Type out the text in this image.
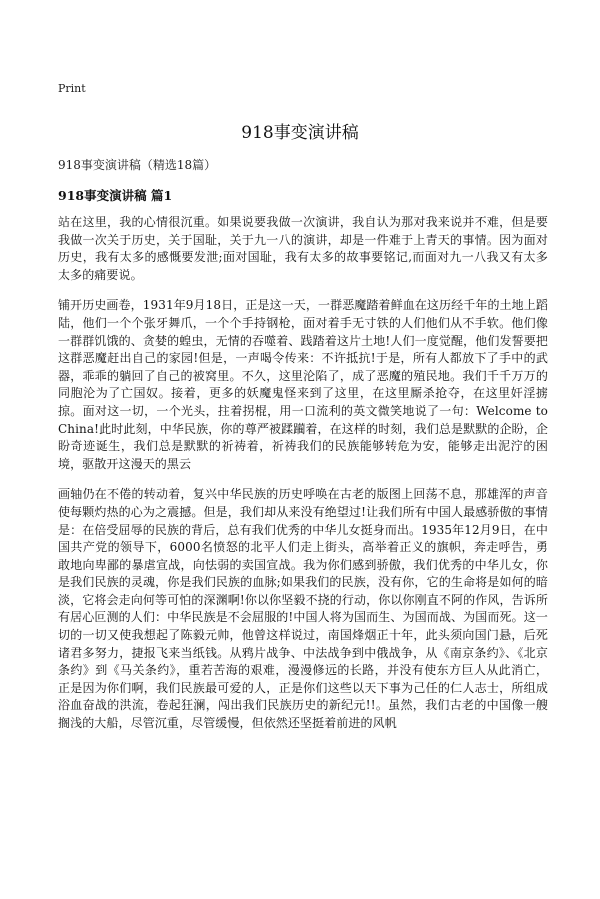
Print
918事变演讲稿
918事变演讲稿（精选18篇）
918事变演讲稿 篇1

站在这里，我的心情很沉重。如果说要我做一次演讲，我自认为那对我来说并不难，但是要我做一次关于历史，关于国耻，关于九一八的演讲，却是一件难于上青天的事情。因为面对历史，我有太多的感慨要发泄;面对国耻，我有太多的故事要铭记,而面对九一八我又有太多太多的痛要说。

铺开历史画卷，1931年9月18日，正是这一天，一群恶魔踏着鲜血在这历经千年的土地上蹈陆，他们一个个张牙舞爪，一个个手持钢枪，面对着手无寸铁的人们他们从不手软。他们像一群群饥饿的、贪婪的蝗虫，无情的吞噬着、践踏着这片土地!人们一度觉醒，他们发誓要把这群恶魔赶出自己的家园!但是，一声喝令传来：不许抵抗!于是，所有人都放下了手中的武器，乖乖的躺回了自己的被窝里。不久，这里沦陷了，成了恶魔的殖民地。我们千千万万的同胞沦为了亡国奴。接着，更多的妖魔鬼怪来到了这里，在这里厮杀抢夺，在这里奸淫掳掠。面对这一切，一个光头，拄着拐棍，用一口流利的英文微笑地说了一句：Welcome to China!此时此刻，中华民族，你的尊严被蹂躏着，在这样的时刻，我们总是默默的企盼，企盼奇迹诞生，我们总是默默的祈祷着，祈祷我们的民族能够转危为安，能够走出泥泞的困境，驱散开这漫天的黑云

画轴仍在不倦的转动着，复兴中华民族的历史呼唤在古老的版图上回荡不息，那雄浑的声音使每颗灼热的心为之震撼。但是，我们却从来没有绝望过!让我们所有中国人最感骄傲的事情是：在倍受屈辱的民族的背后，总有我们优秀的中华儿女挺身而出。1935年12月9日，在中国共产党的领导下，6000名愤怒的北平人们走上街头，高举着正义的旗帜，奔走呼告，勇敢地向卑鄙的暴虐宣战，向怯弱的卖国宣战。我为你们感到骄傲，我们优秀的中华儿女，你是我们民族的灵魂，你是我们民族的血脉;如果我们的民族，没有你，它的生命将是如何的暗淡，它将会走向何等可怕的深渊啊!你以你坚毅不挠的行动，你以你刚直不阿的作风，告诉所有居心叵测的人们：中华民族是不会屈服的!中国人将为国而生、为国而战、为国而死。这一切的一切又使我想起了陈毅元帅，他曾这样说过，南国烽烟正十年，此头须向国门悬，后死诸君多努力，捷报飞来当纸钱。从鸦片战争、中法战争到中俄战争，从《南京条约》、《北京条约》到《马关条约》，重若苦海的艰难，漫漫修远的长路，并没有使东方巨人从此消亡，正是因为你们啊，我们民族最可爱的人，正是你们这些以天下事为己任的仁人志士，所组成浴血奋战的洪流，卷起狂澜，闯出我们民族历史的新纪元!!。虽然，我们古老的中国像一艘搁浅的大船，尽管沉重，尽管缓慢，但依然还坚挺着前进的风帆
